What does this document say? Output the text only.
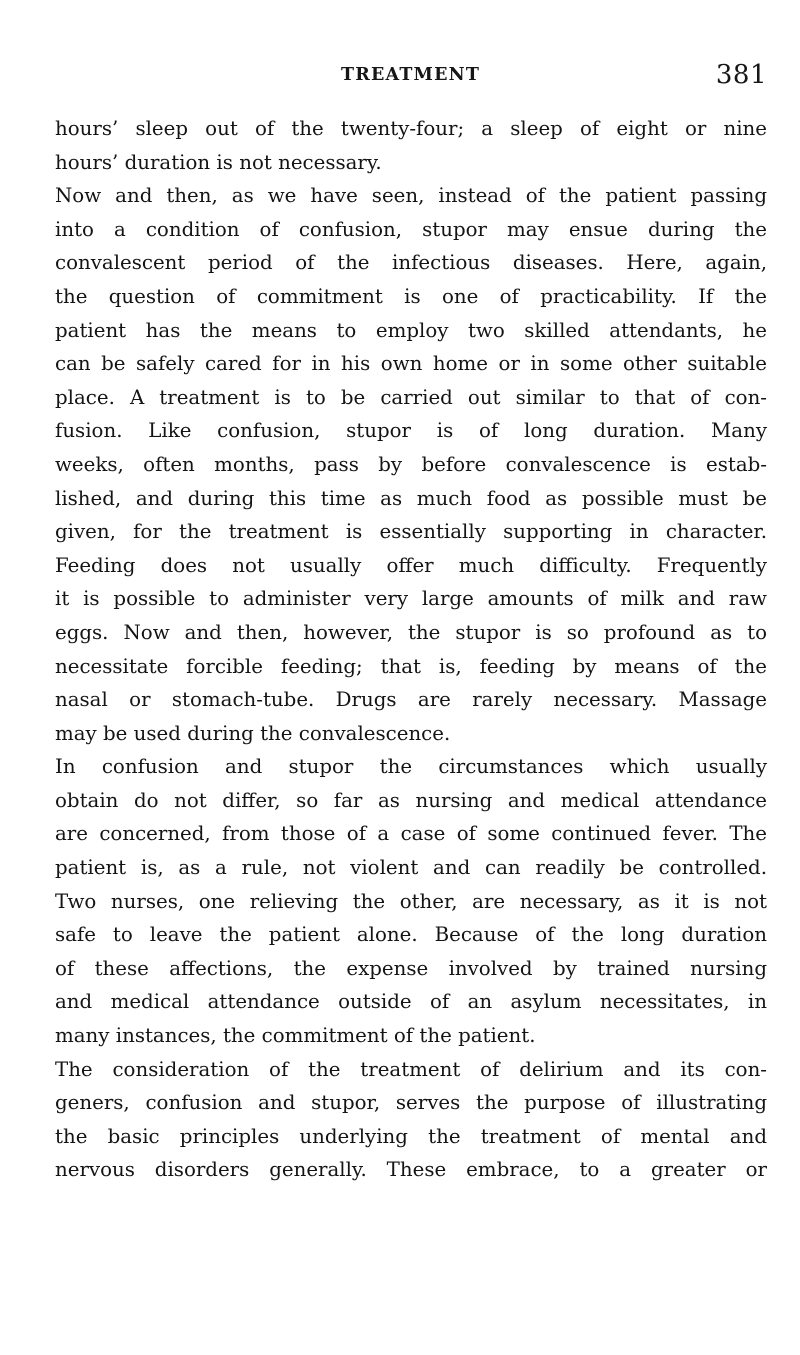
TREATMENT	381
hours’ sleep out of the twenty-four; a sleep of eight or nine
hours’ duration is not necessary.
Now and then, as we have seen, instead of the patient passing
into a condition of confusion, stupor may ensue during the
convalescent period of the infectious diseases. Here, again,
the question of commitment is one of practicability. If the
patient has the means to employ two skilled attendants, he
can be safely cared for in his own home or in some other suitable
place. A treatment is to be carried out similar to that of con-
fusion. Like confusion, stupor is of long duration. Many
weeks, often months, pass by before convalescence is estab-
lished, and during this time as much food as possible must be
given, for the treatment is essentially supporting in character.
Feeding does not usually offer much difficulty. Frequently
it is possible to administer very large amounts of milk and raw
eggs. Now and then, however, the stupor is so profound as to
necessitate forcible feeding; that is, feeding by means of the
nasal or stomach-tube. Drugs are rarely necessary. Massage
may be used during the convalescence.
In confusion and stupor the circumstances which usually
obtain do not differ, so far as nursing and medical attendance
are concerned, from those of a case of some continued fever. The
patient is, as a rule, not violent and can readily be controlled.
Two nurses, one relieving the other, are necessary, as it is not
safe to leave the patient alone. Because of the long duration
of these affections, the expense involved by trained nursing
and medical attendance outside of an asylum necessitates, in
many instances, the commitment of the patient.
The consideration of the treatment of delirium and its con-
geners, confusion and stupor, serves the purpose of illustrating
the basic principles underlying the treatment of mental and
nervous disorders generally. These embrace, to a greater or
